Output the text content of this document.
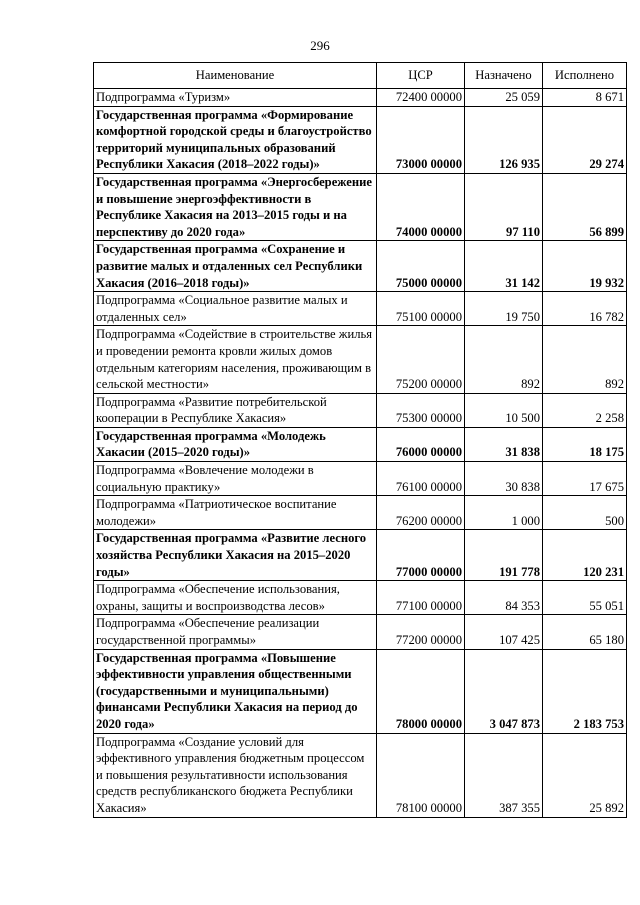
296
Наименование	ЦСР	Назначено	Исполнено
Подпрограмма «Туризм»	72400 00000	25 059	8 671
Государственная программа «Формирование комфортной городской среды и благоустройство территорий муниципальных образований Республики Хакасия (2018–2022 годы)»	73000 00000	126 935	29 274
Государственная программа «Энергосбережение и повышение энергоэффективности в Республике Хакасия на 2013–2015 годы и на перспективу до 2020 года»	74000 00000	97 110	56 899
Государственная программа «Сохранение и развитие малых и отдаленных сел Республики Хакасия (2016–2018 годы)»	75000 00000	31 142	19 932
Подпрограмма «Социальное развитие малых и отдаленных сел»	75100 00000	19 750	16 782
Подпрограмма «Содействие в строительстве жилья и проведении ремонта кровли жилых домов отдельным категориям населения, проживающим в сельской местности»	75200 00000	892	892
Подпрограмма «Развитие потребительской кооперации в Республике Хакасия»	75300 00000	10 500	2 258
Государственная программа «Молодежь Хакасии (2015–2020 годы)»	76000 00000	31 838	18 175
Подпрограмма «Вовлечение молодежи в социальную практику»	76100 00000	30 838	17 675
Подпрограмма «Патриотическое воспитание молодежи»	76200 00000	1 000	500
Государственная программа «Развитие лесного хозяйства Республики Хакасия на 2015–2020 годы»	77000 00000	191 778	120 231
Подпрограмма «Обеспечение использования, охраны, защиты и воспроизводства лесов»	77100 00000	84 353	55 051
Подпрограмма «Обеспечение реализации государственной программы»	77200 00000	107 425	65 180
Государственная программа «Повышение эффективности управления общественными (государственными и муниципальными) финансами Республики Хакасия на период до 2020 года»	78000 00000	3 047 873	2 183 753
Подпрограмма «Создание условий для эффективного управления бюджетным процессом и повышения результативности использования средств республиканского бюджета Республики Хакасия»	78100 00000	387 355	25 892
